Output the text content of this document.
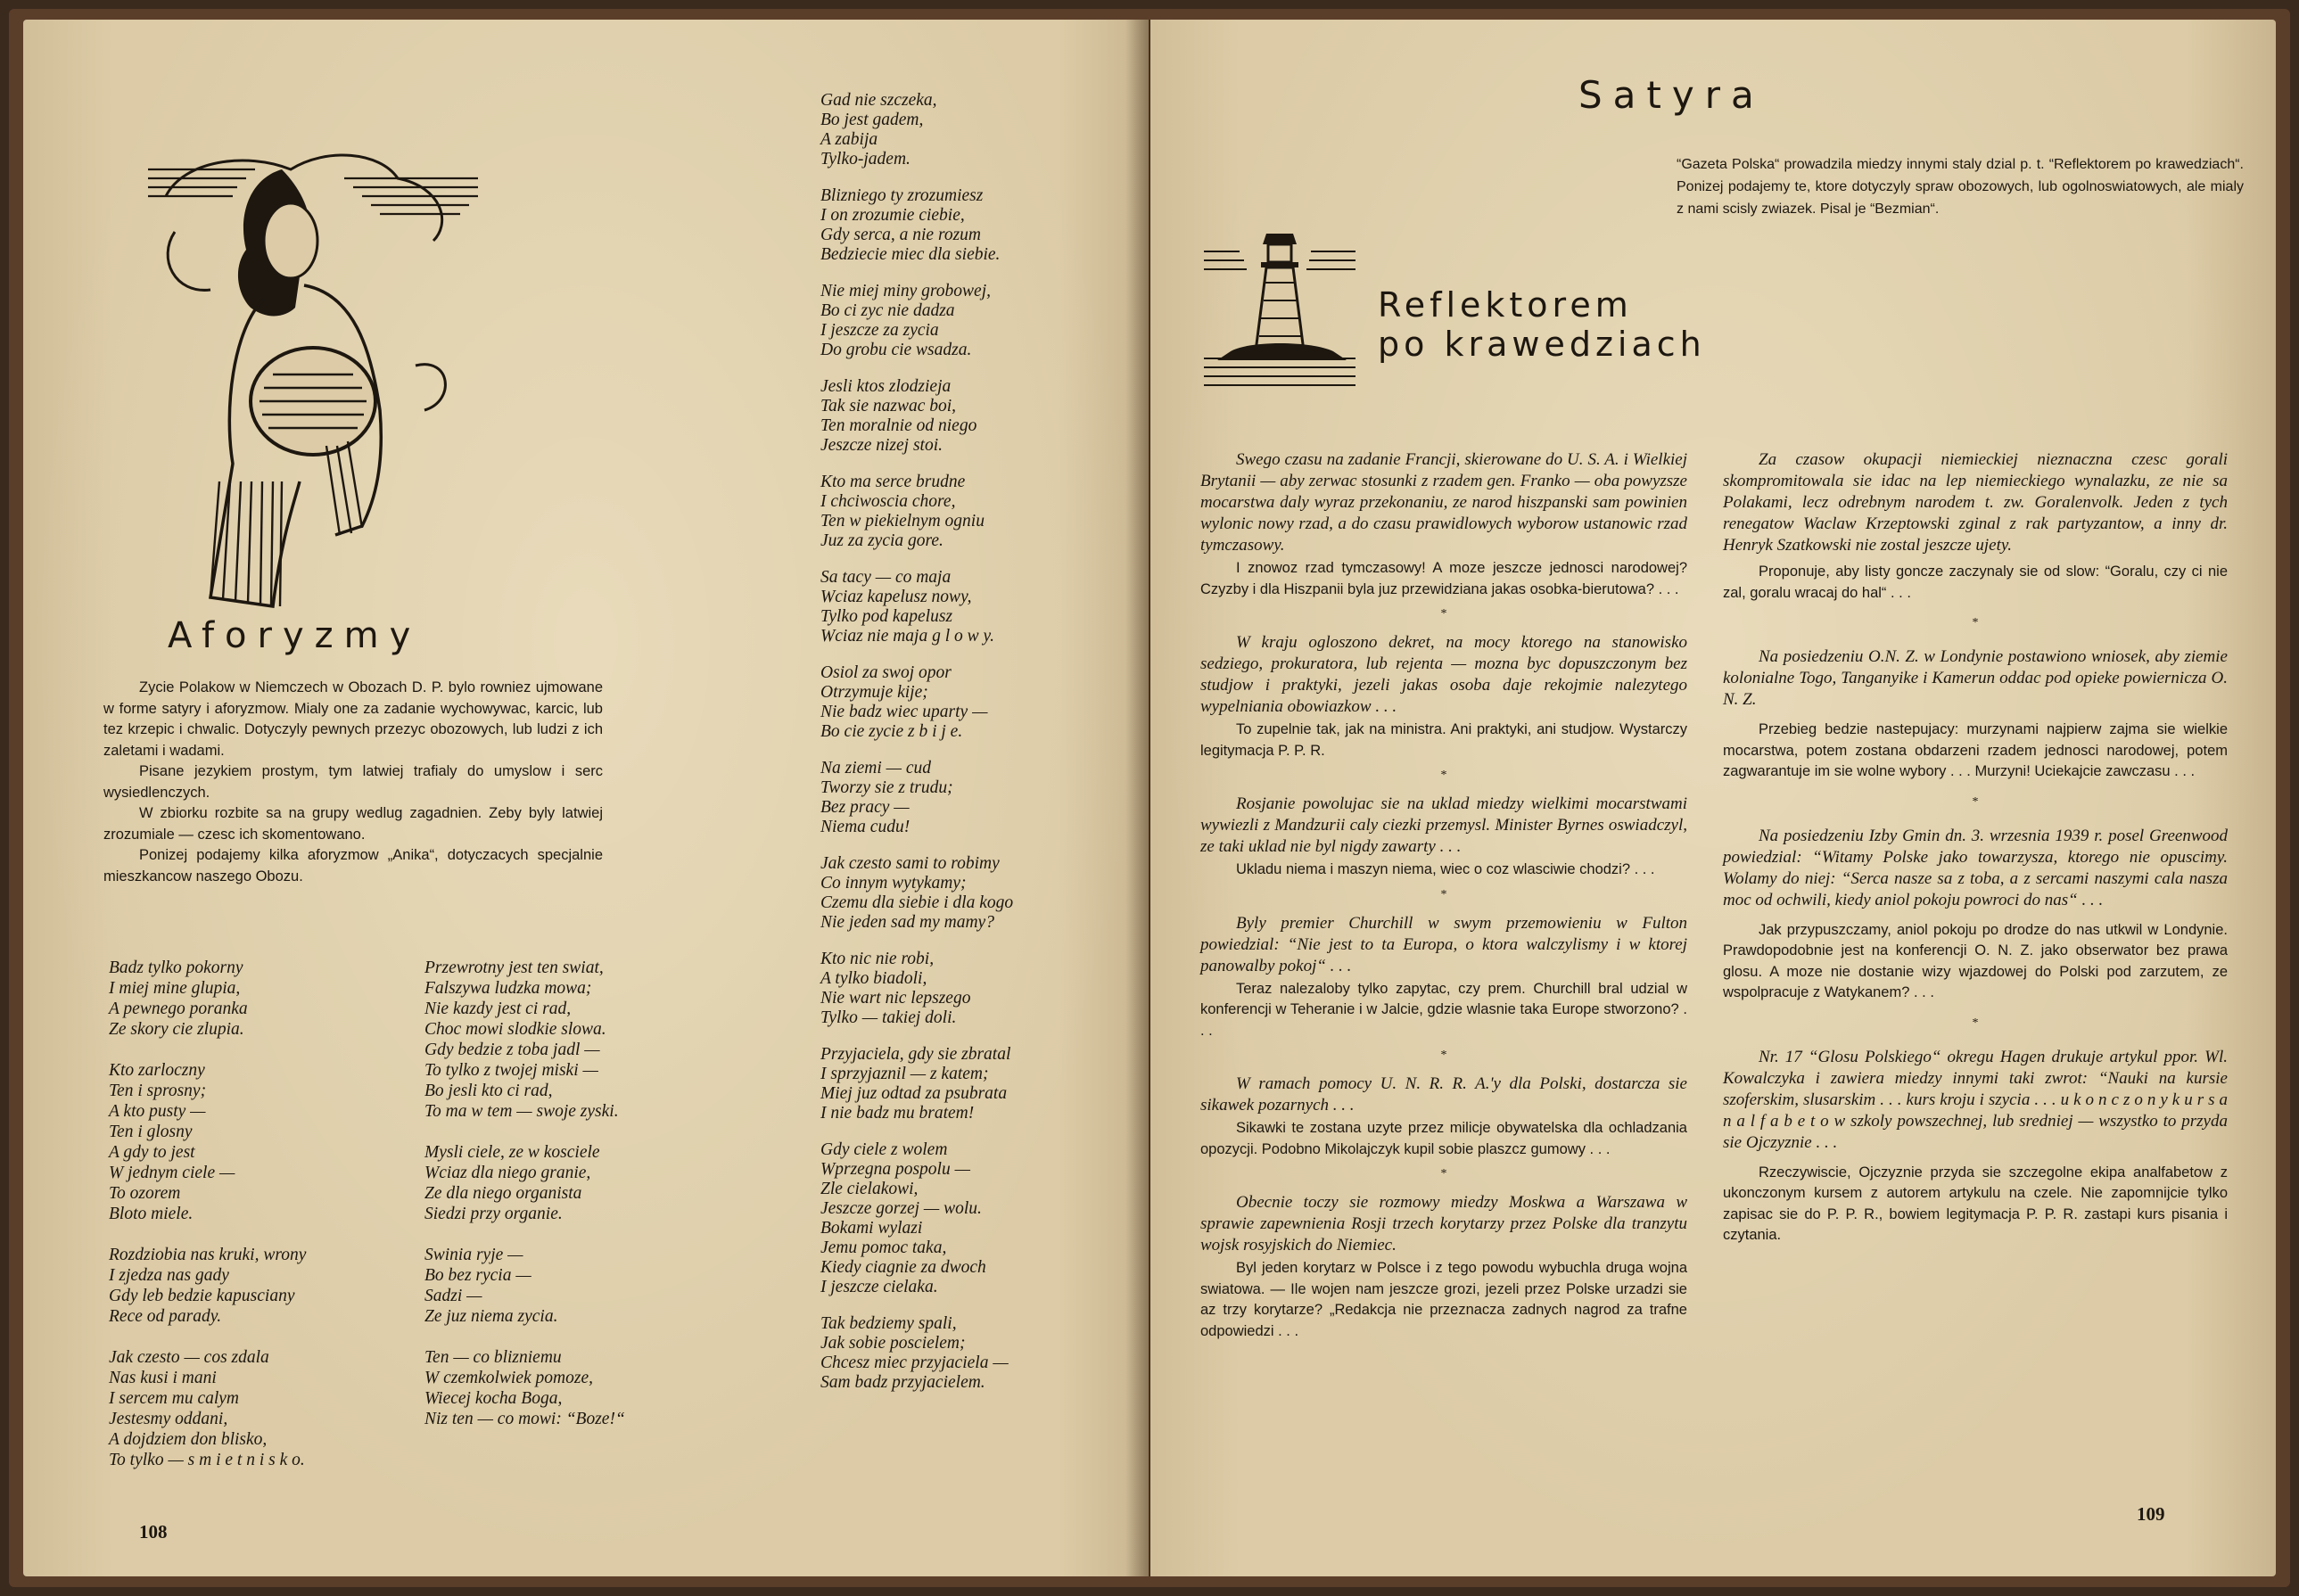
Aforyzmy

Zycie Polakow w Niemczech w Obozach D. P. bylo rowniez ujmowane w forme satyry i aforyzmow. Mialy one za zadanie wychowywac, karcic, lub tez krzepic i chwalic. Dotyczyly pewnych przezyc obozowych, lub ludzi z ich zaletami i wadami.

Pisane jezykiem prostym, tym latwiej trafialy do umyslow i serc wysiedlenczych.

W zbiorku rozbite sa na grupy wedlug zagadnien. Zeby byly latwiej zrozumiale — czesc ich skomentowano.

Ponizej podajemy kilka aforyzmow „Anika“, dotyczacych specjalnie mieszkancow naszego Obozu.

Badz tylko pokorny
I miej mine glupia,
A pewnego poranka
Ze skory cie zlupia.
Kto zarloczny
Ten i sprosny;
A kto pusty —
Ten i glosny
A gdy to jest
W jednym ciele —
To ozorem
Bloto miele.
Rozdziobia nas kruki, wrony
I zjedza nas gady
Gdy leb bedzie kapusciany
Rece od parady.
Jak czesto — cos zdala
Nas kusi i mani
I sercem mu calym
Jestesmy oddani,
A dojdziem don blisko,
To tylko — s m i e t n i s k o.
Przewrotny jest ten swiat,
Falszywa ludzka mowa;
Nie kazdy jest ci rad,
Choc mowi slodkie slowa.
Gdy bedzie z toba jadl —
To tylko z twojej miski —
Bo jesli kto ci rad,
To ma w tem — swoje zyski.
Mysli ciele, ze w kosciele
Wciaz dla niego granie,
Ze dla niego organista
Siedzi przy organie.
Swinia ryje —
Bo bez rycia —
Sadzi —
Ze juz niema zycia.
Ten — co blizniemu
W czemkolwiek pomoze,
Wiecej kocha Boga,
Niz ten — co mowi: “Boze!“
Gad nie szczeka,
Bo jest gadem,
A zabija
Tylko-jadem.
Blizniego ty zrozumiesz
I on zrozumie ciebie,
Gdy serca, a nie rozum
Bedziecie miec dla siebie.
Nie miej miny grobowej,
Bo ci zyc nie dadza
I jeszcze za zycia
Do grobu cie wsadza.
Jesli ktos zlodzieja
Tak sie nazwac boi,
Ten moralnie od niego
Jeszcze nizej stoi.
Kto ma serce brudne
I chciwoscia chore,
Ten w piekielnym ogniu
Juz za zycia gore.
Sa tacy — co maja
Wciaz kapelusz nowy,
Tylko pod kapelusz
Wciaz nie maja g l o w y.
Osiol za swoj opor
Otrzymuje kije;
Nie badz wiec uparty —
Bo cie zycie z b i j e.
Na ziemi — cud
Tworzy sie z trudu;
Bez pracy —
Niema cudu!
Jak czesto sami to robimy
Co innym wytykamy;
Czemu dla siebie i dla kogo
Nie jeden sad my mamy?
Kto nic nie robi,
A tylko biadoli,
Nie wart nic lepszego
Tylko — takiej doli.
Przyjaciela, gdy sie zbratal
I sprzyjaznil — z katem;
Miej juz odtad za psubrata
I nie badz mu bratem!
Gdy ciele z wolem
Wprzegna pospolu —
Zle cielakowi,
Jeszcze gorzej — wolu.
Bokami wylazi
Jemu pomoc taka,
Kiedy ciagnie za dwoch
I jeszcze cielaka.
Tak bedziemy spali,
Jak sobie poscielem;
Chcesz miec przyjaciela —
Sam badz przyjacielem.
108
Satyra
“Gazeta Polska“ prowadzila miedzy innymi staly dzial p. t. “Reflektorem po krawedziach“. Ponizej podajemy te, ktore dotyczyly spraw obozowych, lub ogolnoswiatowych, ale mialy z nami scisly zwiazek. Pisal je “Bezmian“.
Reflektorem
po krawedziach
Swego czasu na zadanie Francji, skierowane do U. S. A. i Wielkiej Brytanii — aby zerwac stosunki z rzadem gen. Franko — oba powyzsze mocarstwa daly wyraz przekonaniu, ze narod hiszpanski sam powinien wylonic nowy rzad, a do czasu prawidlowych wyborow ustanowic rzad tymczasowy.
I znowoz rzad tymczasowy! A moze jeszcze jednosci narodowej? Czyzby i dla Hiszpanii byla juz przewidziana jakas osobka-bierutowa? . . .
*
W kraju ogloszono dekret, na mocy ktorego na stanowisko sedziego, prokuratora, lub rejenta — mozna byc dopuszczonym bez studjow i praktyki, jezeli jakas osoba daje rekojmie nalezytego wypelniania obowiazkow . . .
To zupelnie tak, jak na ministra. Ani praktyki, ani studjow. Wystarczy legitymacja P. P. R.
*
Rosjanie powolujac sie na uklad miedzy wielkimi mocarstwami wywiezli z Mandzurii caly ciezki przemysl. Minister Byrnes oswiadczyl, ze taki uklad nie byl nigdy zawarty . . .
Ukladu niema i maszyn niema, wiec o coz wlasciwie chodzi? . . .
*
Byly premier Churchill w swym przemowieniu w Fulton powiedzial: “Nie jest to ta Europa, o ktora walczylismy i w ktorej panowalby pokoj“ . . .
Teraz nalezaloby tylko zapytac, czy prem. Churchill bral udzial w konferencji w Teheranie i w Jalcie, gdzie wlasnie taka Europe stworzono? . . .
*
W ramach pomocy U. N. R. R. A.'y dla Polski, dostarcza sie sikawek pozarnych . . .
Sikawki te zostana uzyte przez milicje obywatelska dla ochladzania opozycji. Podobno Mikolajczyk kupil sobie plaszcz gumowy . . .
*
Obecnie toczy sie rozmowy miedzy Moskwa a Warszawa w sprawie zapewnienia Rosji trzech korytarzy przez Polske dla tranzytu wojsk rosyjskich do Niemiec.
Byl jeden korytarz w Polsce i z tego powodu wybuchla druga wojna swiatowa. — Ile wojen nam jeszcze grozi, jezeli przez Polske urzadzi sie az trzy korytarze? „Redakcja nie przeznacza zadnych nagrod za trafne odpowiedzi . . .
Za czasow okupacji niemieckiej nieznaczna czesc gorali skompromitowala sie idac na lep niemieckiego wynalazku, ze nie sa Polakami, lecz odrebnym narodem t. zw. Goralenvolk. Jeden z tych renegatow Waclaw Krzeptowski zginal z rak partyzantow, a inny dr. Henryk Szatkowski nie zostal jeszcze ujety.
Proponuje, aby listy goncze zaczynaly sie od slow: “Goralu, czy ci nie zal, goralu wracaj do hal“ . . .
*
Na posiedzeniu O.N. Z. w Londynie postawiono wniosek, aby ziemie kolonialne Togo, Tanganyike i Kamerun oddac pod opieke powiernicza O. N. Z.
Przebieg bedzie nastepujacy: murzynami najpierw zajma sie wielkie mocarstwa, potem zostana obdarzeni rzadem jednosci narodowej, potem zagwarantuje im sie wolne wybory . . . Murzyni! Uciekajcie zawczasu . . .
*
Na posiedzeniu Izby Gmin dn. 3. wrzesnia 1939 r. posel Greenwood powiedzial: “Witamy Polske jako towarzysza, ktorego nie opuscimy. Wolamy do niej: “Serca nasze sa z toba, a z sercami naszymi cala nasza moc od ochwili, kiedy aniol pokoju powroci do nas“ . . .
Jak przypuszczamy, aniol pokoju po drodze do nas utkwil w Londynie. Prawdopodobnie jest na konferencji O. N. Z. jako obserwator bez prawa glosu. A moze nie dostanie wizy wjazdowej do Polski pod zarzutem, ze wspolpracuje z Watykanem? . . .
*
Nr. 17 “Glosu Polskiego“ okregu Hagen drukuje artykul ppor. Wl. Kowalczyka i zawiera miedzy innymi taki zwrot: “Nauki na kursie szoferskim, slusarskim . . . kurs kroju i szycia . . . u k o n c z o n y k u r s a n a l f a b e t o w szkoly powszechnej, lub sredniej — wszystko to przyda sie Ojczyznie . . .
Rzeczywiscie, Ojczyznie przyda sie szczegolne ekipa analfabetow z ukonczonym kursem z autorem artykulu na czele. Nie zapomnijcie tylko zapisac sie do P. P. R., bowiem legitymacja P. P. R. zastapi kurs pisania i czytania.
109
